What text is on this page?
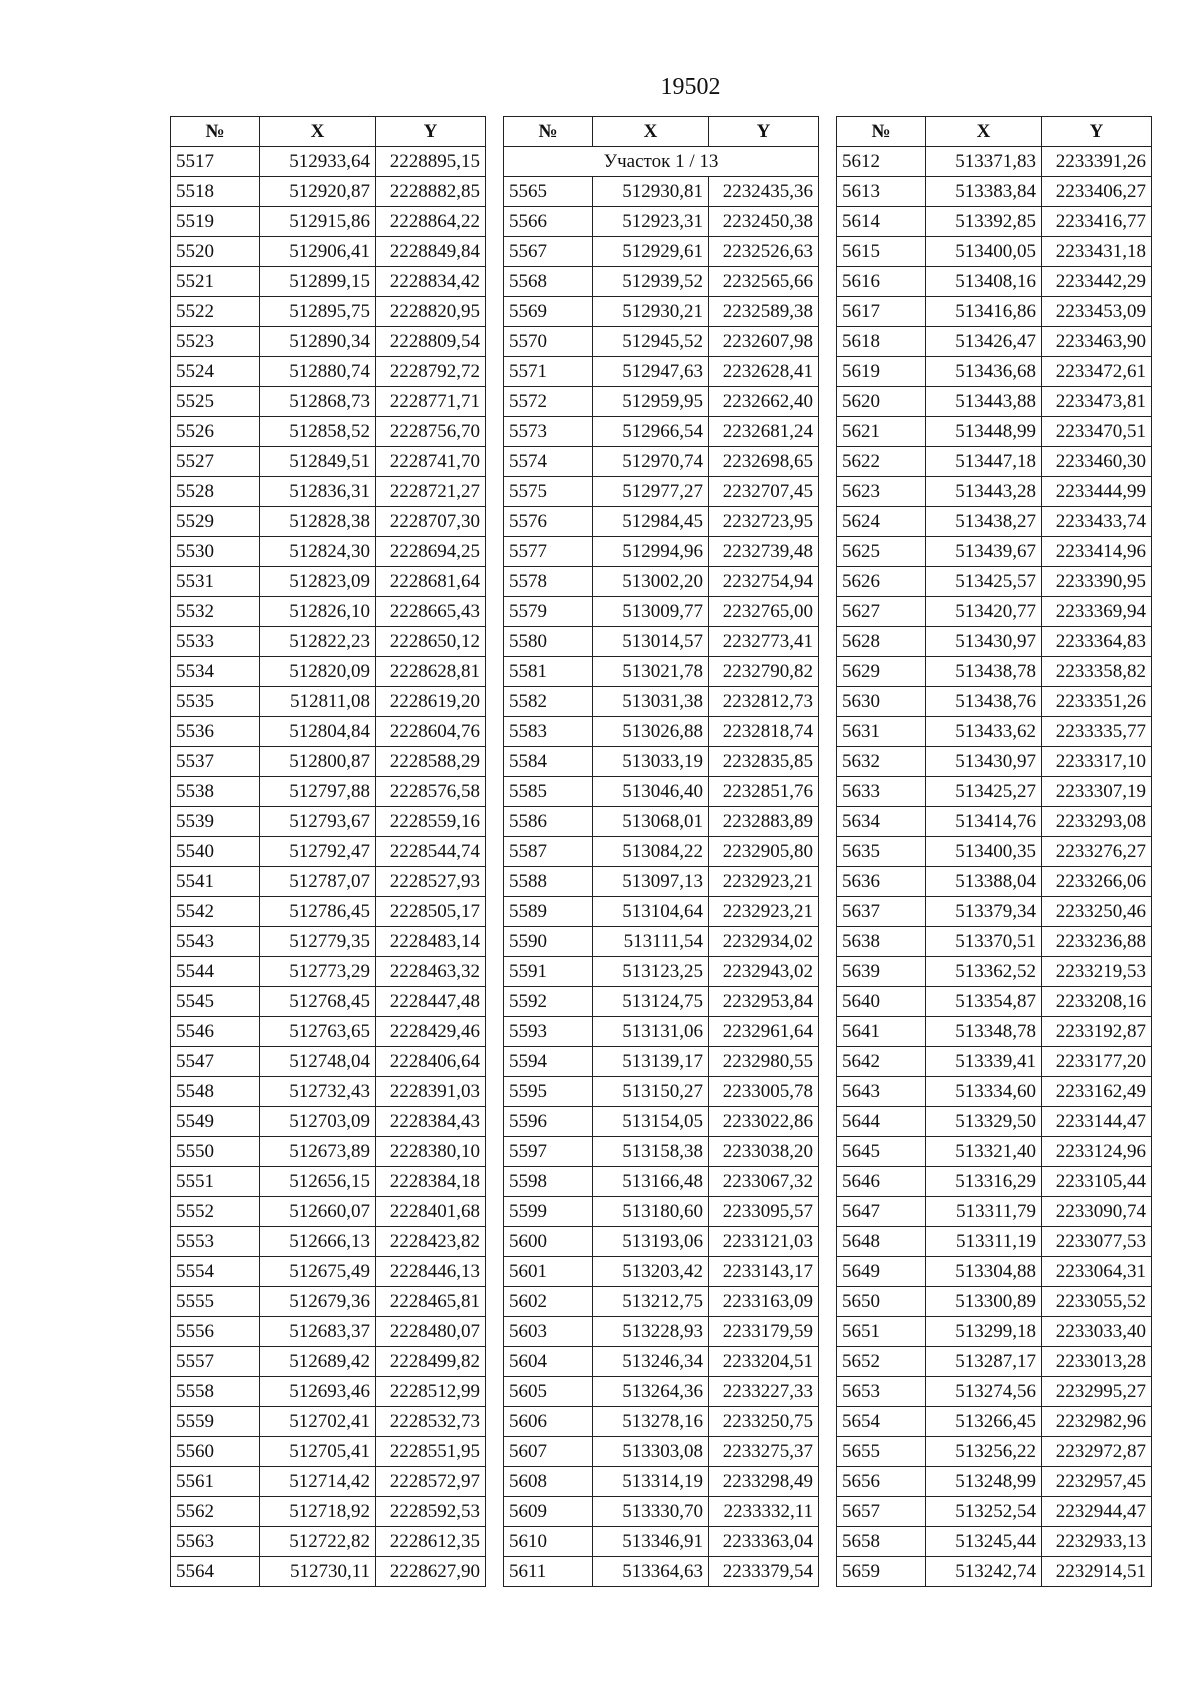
19502
№	X	Y
5517	512933,64	2228895,15
5518	512920,87	2228882,85
5519	512915,86	2228864,22
5520	512906,41	2228849,84
5521	512899,15	2228834,42
5522	512895,75	2228820,95
5523	512890,34	2228809,54
5524	512880,74	2228792,72
5525	512868,73	2228771,71
5526	512858,52	2228756,70
5527	512849,51	2228741,70
5528	512836,31	2228721,27
5529	512828,38	2228707,30
5530	512824,30	2228694,25
5531	512823,09	2228681,64
5532	512826,10	2228665,43
5533	512822,23	2228650,12
5534	512820,09	2228628,81
5535	512811,08	2228619,20
5536	512804,84	2228604,76
5537	512800,87	2228588,29
5538	512797,88	2228576,58
5539	512793,67	2228559,16
5540	512792,47	2228544,74
5541	512787,07	2228527,93
5542	512786,45	2228505,17
5543	512779,35	2228483,14
5544	512773,29	2228463,32
5545	512768,45	2228447,48
5546	512763,65	2228429,46
5547	512748,04	2228406,64
5548	512732,43	2228391,03
5549	512703,09	2228384,43
5550	512673,89	2228380,10
5551	512656,15	2228384,18
5552	512660,07	2228401,68
5553	512666,13	2228423,82
5554	512675,49	2228446,13
5555	512679,36	2228465,81
5556	512683,37	2228480,07
5557	512689,42	2228499,82
5558	512693,46	2228512,99
5559	512702,41	2228532,73
5560	512705,41	2228551,95
5561	512714,42	2228572,97
5562	512718,92	2228592,53
5563	512722,82	2228612,35
5564	512730,11	2228627,90
№	X	Y
Участок 1 / 13		
5565	512930,81	2232435,36
5566	512923,31	2232450,38
5567	512929,61	2232526,63
5568	512939,52	2232565,66
5569	512930,21	2232589,38
5570	512945,52	2232607,98
5571	512947,63	2232628,41
5572	512959,95	2232662,40
5573	512966,54	2232681,24
5574	512970,74	2232698,65
5575	512977,27	2232707,45
5576	512984,45	2232723,95
5577	512994,96	2232739,48
5578	513002,20	2232754,94
5579	513009,77	2232765,00
5580	513014,57	2232773,41
5581	513021,78	2232790,82
5582	513031,38	2232812,73
5583	513026,88	2232818,74
5584	513033,19	2232835,85
5585	513046,40	2232851,76
5586	513068,01	2232883,89
5587	513084,22	2232905,80
5588	513097,13	2232923,21
5589	513104,64	2232923,21
5590	513111,54	2232934,02
5591	513123,25	2232943,02
5592	513124,75	2232953,84
5593	513131,06	2232961,64
5594	513139,17	2232980,55
5595	513150,27	2233005,78
5596	513154,05	2233022,86
5597	513158,38	2233038,20
5598	513166,48	2233067,32
5599	513180,60	2233095,57
5600	513193,06	2233121,03
5601	513203,42	2233143,17
5602	513212,75	2233163,09
5603	513228,93	2233179,59
5604	513246,34	2233204,51
5605	513264,36	2233227,33
5606	513278,16	2233250,75
5607	513303,08	2233275,37
5608	513314,19	2233298,49
5609	513330,70	2233332,11
5610	513346,91	2233363,04
5611	513364,63	2233379,54
№	X	Y
5612	513371,83	2233391,26
5613	513383,84	2233406,27
5614	513392,85	2233416,77
5615	513400,05	2233431,18
5616	513408,16	2233442,29
5617	513416,86	2233453,09
5618	513426,47	2233463,90
5619	513436,68	2233472,61
5620	513443,88	2233473,81
5621	513448,99	2233470,51
5622	513447,18	2233460,30
5623	513443,28	2233444,99
5624	513438,27	2233433,74
5625	513439,67	2233414,96
5626	513425,57	2233390,95
5627	513420,77	2233369,94
5628	513430,97	2233364,83
5629	513438,78	2233358,82
5630	513438,76	2233351,26
5631	513433,62	2233335,77
5632	513430,97	2233317,10
5633	513425,27	2233307,19
5634	513414,76	2233293,08
5635	513400,35	2233276,27
5636	513388,04	2233266,06
5637	513379,34	2233250,46
5638	513370,51	2233236,88
5639	513362,52	2233219,53
5640	513354,87	2233208,16
5641	513348,78	2233192,87
5642	513339,41	2233177,20
5643	513334,60	2233162,49
5644	513329,50	2233144,47
5645	513321,40	2233124,96
5646	513316,29	2233105,44
5647	513311,79	2233090,74
5648	513311,19	2233077,53
5649	513304,88	2233064,31
5650	513300,89	2233055,52
5651	513299,18	2233033,40
5652	513287,17	2233013,28
5653	513274,56	2232995,27
5654	513266,45	2232982,96
5655	513256,22	2232972,87
5656	513248,99	2232957,45
5657	513252,54	2232944,47
5658	513245,44	2232933,13
5659	513242,74	2232914,51
